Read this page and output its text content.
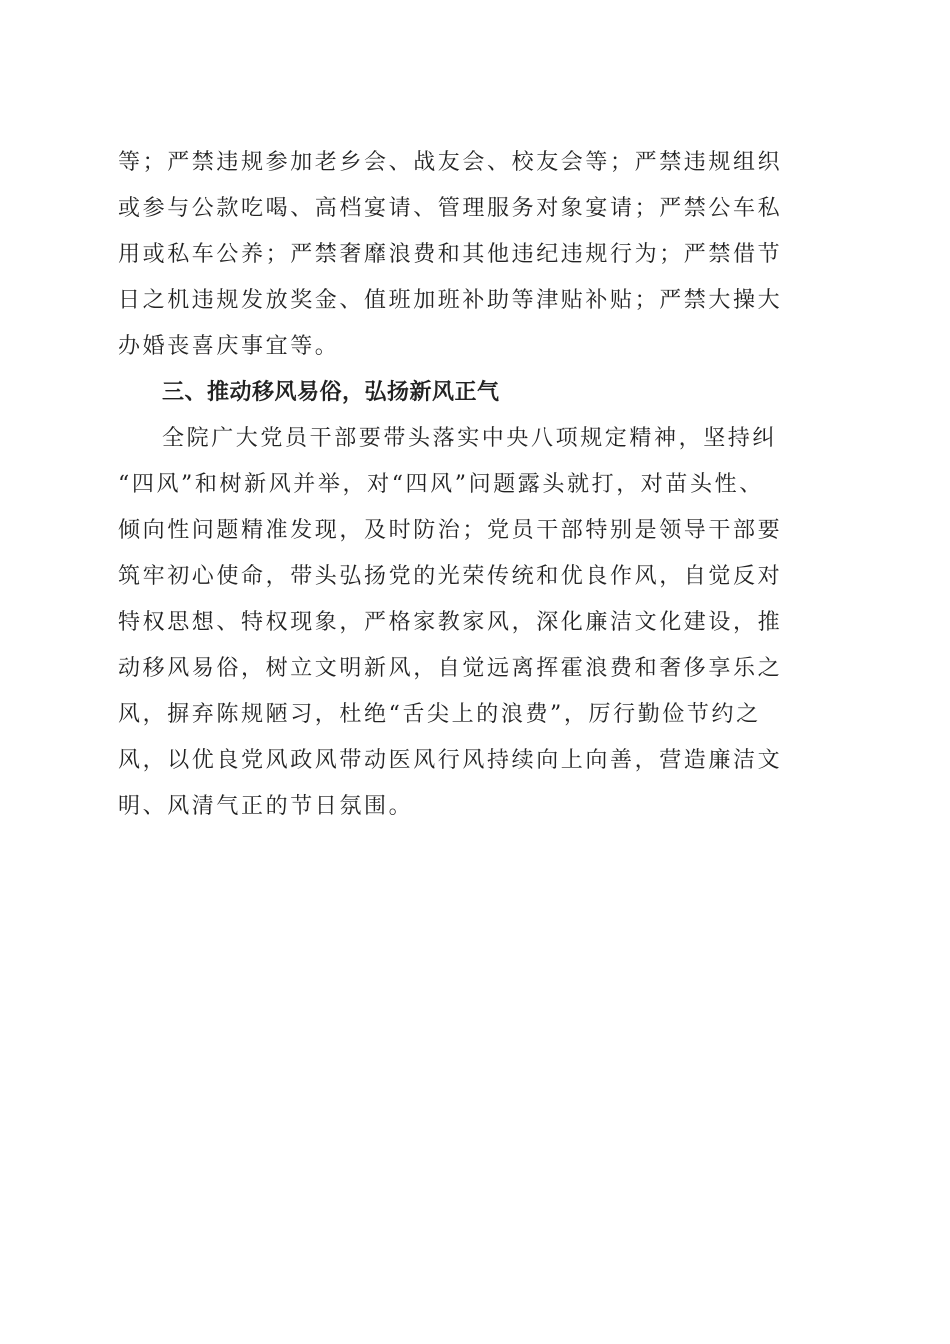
等；严禁违规参加老乡会、战友会、校友会等；严禁违规组织
或参与公款吃喝、高档宴请、管理服务对象宴请；严禁公车私
用或私车公养；严禁奢靡浪费和其他违纪违规行为；严禁借节
日之机违规发放奖金、值班加班补助等津贴补贴；严禁大操大
办婚丧喜庆事宜等。
三、推动移风易俗，弘扬新风正气
全院广大党员干部要带头落实中央八项规定精神，坚持纠
“四风”和树新风并举，对“四风”问题露头就打，对苗头性、
倾向性问题精准发现，及时防治；党员干部特别是领导干部要
筑牢初心使命，带头弘扬党的光荣传统和优良作风，自觉反对
特权思想、特权现象，严格家教家风，深化廉洁文化建设，推
动移风易俗，树立文明新风，自觉远离挥霍浪费和奢侈享乐之
风，摒弃陈规陋习，杜绝“舌尖上的浪费”，厉行勤俭节约之
风，以优良党风政风带动医风行风持续向上向善，营造廉洁文
明、风清气正的节日氛围。
